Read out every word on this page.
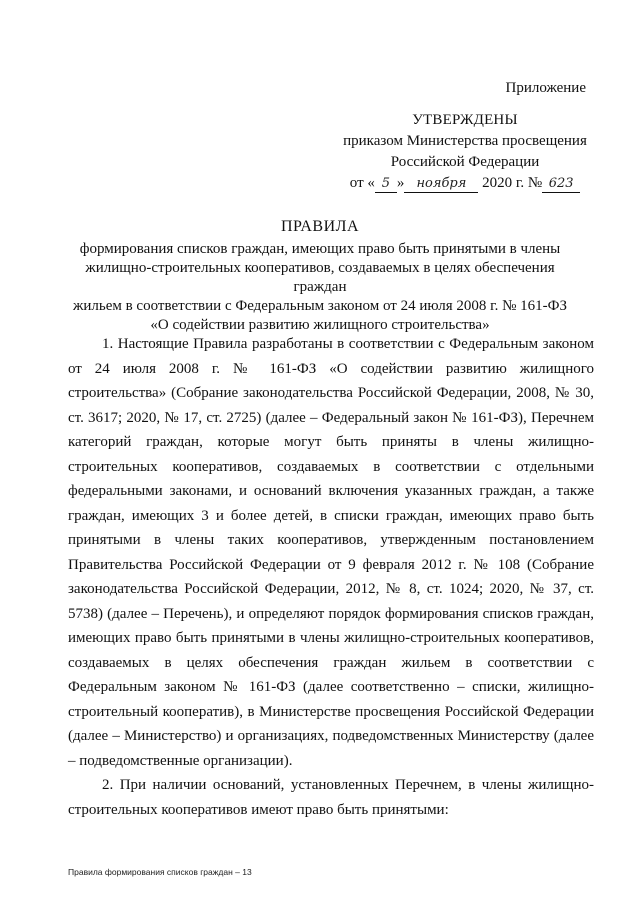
Приложение
УТВЕРЖДЕНЫ
приказом Министерства просвещения
Российской Федерации
от « 5 » ноября 2020 г. № 623
ПРАВИЛА
формирования списков граждан, имеющих право быть принятыми в члены
жилищно-строительных кооперативов, создаваемых в целях обеспечения граждан
жильем в соответствии с Федеральным законом от 24 июля 2008 г. № 161-ФЗ
«О содействии развитию жилищного строительства»

1. Настоящие Правила разработаны в соответствии с Федеральным законом от 24 июля 2008 г. № 161-ФЗ «О содействии развитию жилищного строительства» (Собрание законодательства Российской Федерации, 2008, № 30, ст. 3617; 2020, № 17, ст. 2725) (далее – Федеральный закон № 161-ФЗ), Перечнем категорий граждан, которые могут быть приняты в члены жилищно-строительных кооперативов, создаваемых в соответствии с отдельными федеральными законами, и оснований включения указанных граждан, а также граждан, имеющих 3 и более детей, в списки граждан, имеющих право быть принятыми в члены таких кооперативов, утвержденным постановлением Правительства Российской Федерации от 9 февраля 2012 г. № 108 (Собрание законодательства Российской Федерации, 2012, № 8, ст. 1024; 2020, № 37, ст. 5738) (далее – Перечень), и определяют порядок формирования списков граждан, имеющих право быть принятыми в члены жилищно-строительных кооперативов, создаваемых в целях обеспечения граждан жильем в соответствии с Федеральным законом № 161-ФЗ (далее соответственно – списки, жилищно-строительный кооператив), в Министерстве просвещения Российской Федерации (далее – Министерство) и организациях, подведомственных Министерству (далее – подведомственные организации).

2. При наличии оснований, установленных Перечнем, в члены жилищно-строительных кооперативов имеют право быть принятыми:

Правила формирования списков граждан – 13
